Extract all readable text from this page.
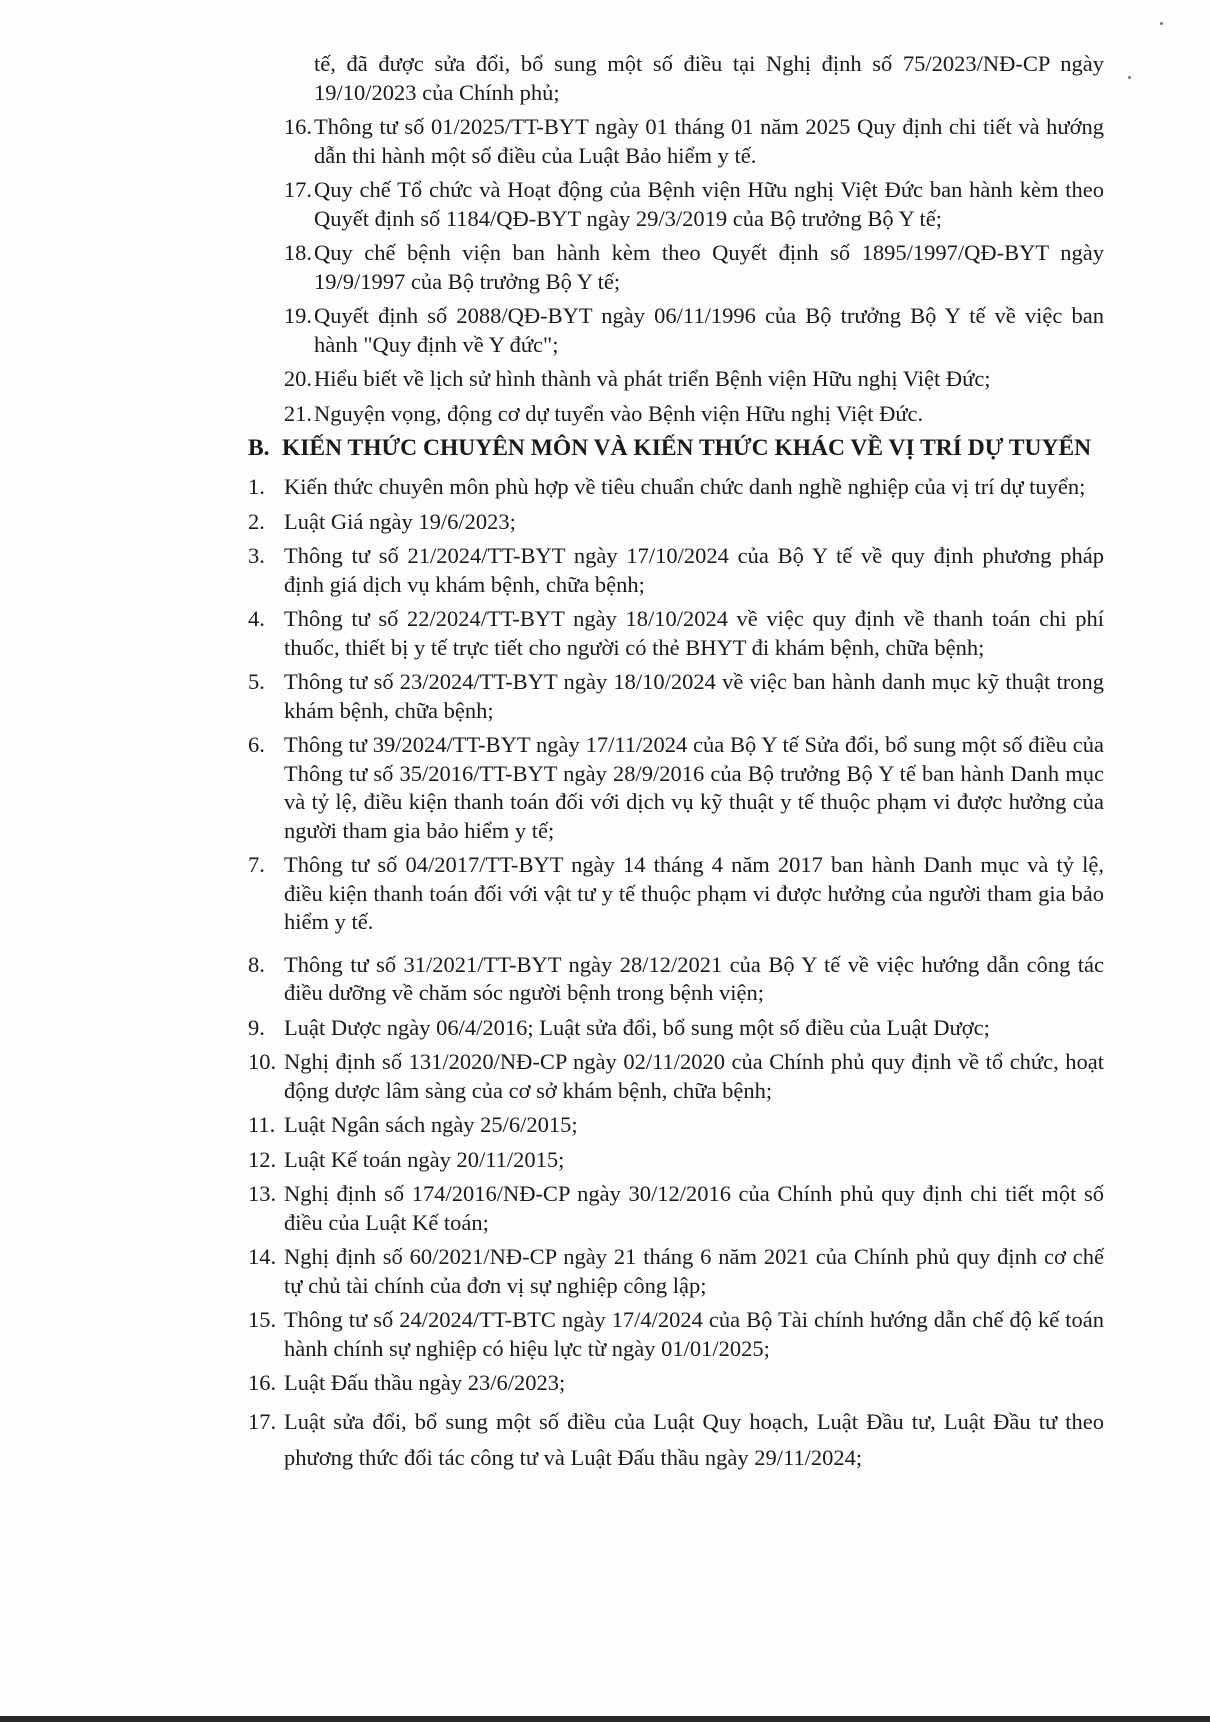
tế, đã được sửa đổi, bổ sung một số điều tại Nghị định số 75/2023/NĐ-CP ngày 19/10/2023 của Chính phủ;
16. Thông tư số 01/2025/TT-BYT ngày 01 tháng 01 năm 2025 Quy định chi tiết và hướng dẫn thi hành một số điều của Luật Bảo hiểm y tế.
17. Quy chế Tổ chức và Hoạt động của Bệnh viện Hữu nghị Việt Đức ban hành kèm theo Quyết định số 1184/QĐ-BYT ngày 29/3/2019 của Bộ trưởng Bộ Y tế;
18. Quy chế bệnh viện ban hành kèm theo Quyết định số 1895/1997/QĐ-BYT ngày 19/9/1997 của Bộ trưởng Bộ Y tế;
19. Quyết định số 2088/QĐ-BYT ngày 06/11/1996 của Bộ trưởng Bộ Y tế về việc ban hành "Quy định về Y đức";
20. Hiểu biết về lịch sử hình thành và phát triển Bệnh viện Hữu nghị Việt Đức;
21. Nguyện vọng, động cơ dự tuyển vào Bệnh viện Hữu nghị Việt Đức.
B. KIẾN THỨC CHUYÊN MÔN VÀ KIẾN THỨC KHÁC VỀ VỊ TRÍ DỰ TUYỂN
1. Kiến thức chuyên môn phù hợp về tiêu chuẩn chức danh nghề nghiệp của vị trí dự tuyển;
2. Luật Giá ngày 19/6/2023;
3. Thông tư số 21/2024/TT-BYT ngày 17/10/2024 của Bộ Y tế về quy định phương pháp định giá dịch vụ khám bệnh, chữa bệnh;
4. Thông tư số 22/2024/TT-BYT ngày 18/10/2024 về việc quy định về thanh toán chi phí thuốc, thiết bị y tế trực tiết cho người có thẻ BHYT đi khám bệnh, chữa bệnh;
5. Thông tư số 23/2024/TT-BYT ngày 18/10/2024 về việc ban hành danh mục kỹ thuật trong khám bệnh, chữa bệnh;
6. Thông tư 39/2024/TT-BYT ngày 17/11/2024 của Bộ Y tế Sửa đổi, bổ sung một số điều của Thông tư số 35/2016/TT-BYT ngày 28/9/2016 của Bộ trưởng Bộ Y tế ban hành Danh mục và tỷ lệ, điều kiện thanh toán đối với dịch vụ kỹ thuật y tế thuộc phạm vi được hưởng của người tham gia bảo hiểm y tế;
7. Thông tư số 04/2017/TT-BYT ngày 14 tháng 4 năm 2017 ban hành Danh mục và tỷ lệ, điều kiện thanh toán đối với vật tư y tế thuộc phạm vi được hưởng của người tham gia bảo hiểm y tế.
8. Thông tư số 31/2021/TT-BYT ngày 28/12/2021 của Bộ Y tế về việc hướng dẫn công tác điều dưỡng về chăm sóc người bệnh trong bệnh viện;
9. Luật Dược ngày 06/4/2016; Luật sửa đổi, bổ sung một số điều của Luật Dược;
10. Nghị định số 131/2020/NĐ-CP ngày 02/11/2020 của Chính phủ quy định về tổ chức, hoạt động dược lâm sàng của cơ sở khám bệnh, chữa bệnh;
11. Luật Ngân sách ngày 25/6/2015;
12. Luật Kế toán ngày 20/11/2015;
13. Nghị định số 174/2016/NĐ-CP ngày 30/12/2016 của Chính phủ quy định chi tiết một số điều của Luật Kế toán;
14. Nghị định số 60/2021/NĐ-CP ngày 21 tháng 6 năm 2021 của Chính phủ quy định cơ chế tự chủ tài chính của đơn vị sự nghiệp công lập;
15. Thông tư số 24/2024/TT-BTC ngày 17/4/2024 của Bộ Tài chính hướng dẫn chế độ kế toán hành chính sự nghiệp có hiệu lực từ ngày 01/01/2025;
16. Luật Đấu thầu ngày 23/6/2023;
17. Luật sửa đổi, bổ sung một số điều của Luật Quy hoạch, Luật Đầu tư, Luật Đầu tư theo phương thức đối tác công tư và Luật Đấu thầu ngày 29/11/2024;
